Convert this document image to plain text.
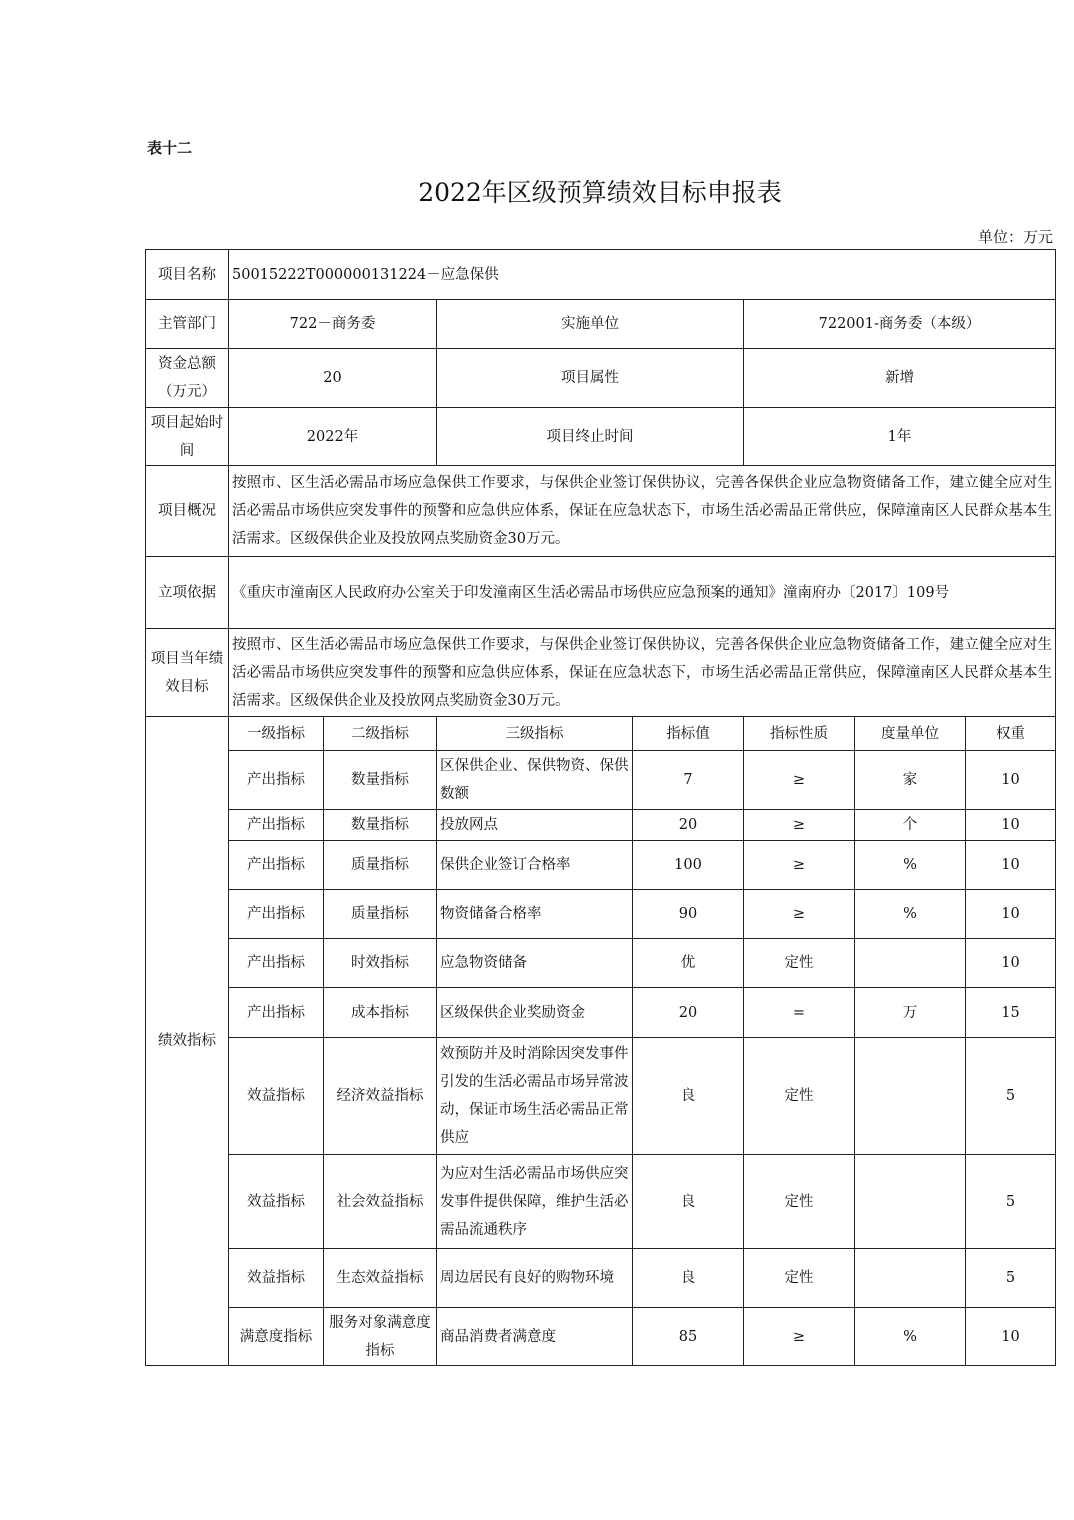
表十二
2022年区级预算绩效目标申报表
单位：万元
项目名称	50015222T000000131224－应急保供						
主管部门	722－商务委		实施单位		722001-商务委（本级）		
资金总额（万元）	20		项目属性		新增		
项目起始时间	2022年		项目终止时间		1年		
项目概况	按照市、区生活必需品市场应急保供工作要求，与保供企业签订保供协议，完善各保供企业应急物资储备工作，建立健全应对生活必需品市场供应突发事件的预警和应急供应体系，保证在应急状态下，市场生活必需品正常供应，保障潼南区人民群众基本生活需求。区级保供企业及投放网点奖励资金30万元。						
立项依据	《重庆市潼南区人民政府办公室关于印发潼南区生活必需品市场供应应急预案的通知》潼南府办〔2017〕109号						
项目当年绩效目标	按照市、区生活必需品市场应急保供工作要求，与保供企业签订保供协议，完善各保供企业应急物资储备工作，建立健全应对生活必需品市场供应突发事件的预警和应急供应体系，保证在应急状态下，市场生活必需品正常供应，保障潼南区人民群众基本生活需求。区级保供企业及投放网点奖励资金30万元。						
绩效指标	一级指标	二级指标	三级指标	指标值	指标性质	度量单位	权重
	产出指标	数量指标	区保供企业、保供物资、保供数额	7	≥	家	10
	产出指标	数量指标	投放网点	20	≥	个	10
	产出指标	质量指标	保供企业签订合格率	100	≥	%	10
	产出指标	质量指标	物资储备合格率	90	≥	%	10
	产出指标	时效指标	应急物资储备	优	定性		10
	产出指标	成本指标	区级保供企业奖励资金	20	=	万	15
	效益指标	经济效益指标	效预防并及时消除因突发事件引发的生活必需品市场异常波动，保证市场生活必需品正常供应	良	定性		5
	效益指标	社会效益指标	为应对生活必需品市场供应突发事件提供保障，维护生活必需品流通秩序	良	定性		5
	效益指标	生态效益指标	周边居民有良好的购物环境	良	定性		5
	满意度指标	服务对象满意度指标	商品消费者满意度	85	≥	%	10
